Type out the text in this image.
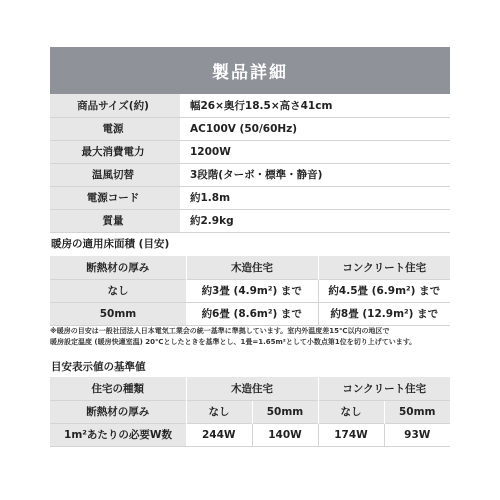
製品詳細
商品サイズ(約)	幅26×奥行18.5×高さ41cm
電源	AC100V (50/60Hz)
最大消費電力	1200W
温風切替	3段階(ターボ・標準・静音)
電源コード	約1.8m
質量	約2.9kg
暖房の適用床面積 (目安)
断熱材の厚み	木造住宅	コンクリート住宅
なし	約3畳 (4.9m²) まで	約4.5畳 (6.9m²) まで
50mm	約6畳 (8.6m²) まで	約8畳 (12.9m²) まで
※暖房の目安は一般社団法人日本電気工業会の統一基準に準拠しています。室内外温度差15℃以内の地区で
暖房設定温度 (暖房快適室温) 20℃としたときを基準とし、1畳=1.65m²として小数点第1位を切り上げています。
目安表示値の基準値
住宅の種類	木造住宅		コンクリート住宅	
断熱材の厚み	なし	50mm	なし	50mm
1m²あたりの必要W数	244W	140W	174W	93W
